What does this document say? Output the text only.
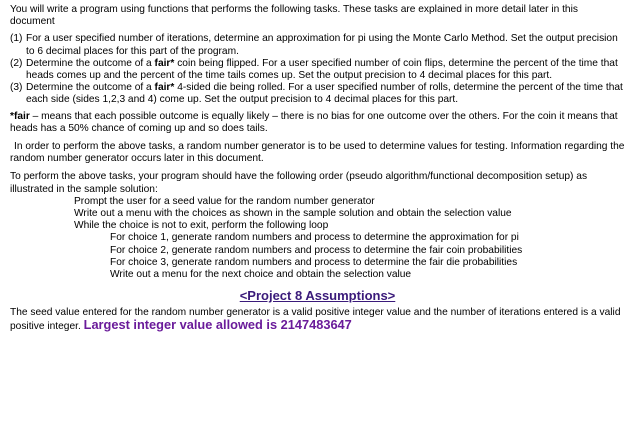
You will write a program using functions that performs the following tasks. These tasks are explained in more detail later in this document

(1) For a user specified number of iterations, determine an approximation for pi using the Monte Carlo Method. Set the output precision to 6 decimal places for this part of the program.
(2) Determine the outcome of a fair* coin being flipped. For a user specified number of coin flips, determine the percent of the time that heads comes up and the percent of the time tails comes up. Set the output precision to 4 decimal places for this part.
(3) Determine the outcome of a fair* 4-sided die being rolled. For a user specified number of rolls, determine the percent of the time that each side (sides 1,2,3 and 4) come up. Set the output precision to 4 decimal places for this part.

*fair – means that each possible outcome is equally likely – there is no bias for one outcome over the others. For the coin it means that heads has a 50% chance of coming up and so does tails.

In order to perform the above tasks, a random number generator is to be used to determine values for testing. Information regarding the random number generator occurs later in this document.

To perform the above tasks, your program should have the following order (pseudo algorithm/functional decomposition setup) as illustrated in the sample solution:

Prompt the user for a seed value for the random number generator
Write out a menu with the choices as shown in the sample solution and obtain the selection value
While the choice is not to exit, perform the following loop
For choice 1, generate random numbers and process to determine the approximation for pi
For choice 2, generate random numbers and process to determine the fair coin probabilities
For choice 3, generate random numbers and process to determine the fair die probabilities
Write out a menu for the next choice and obtain the selection value
<Project 8 Assumptions>

The seed value entered for the random number generator is a valid positive integer value and the number of iterations entered is a valid positive integer. Largest integer value allowed is 2147483647
